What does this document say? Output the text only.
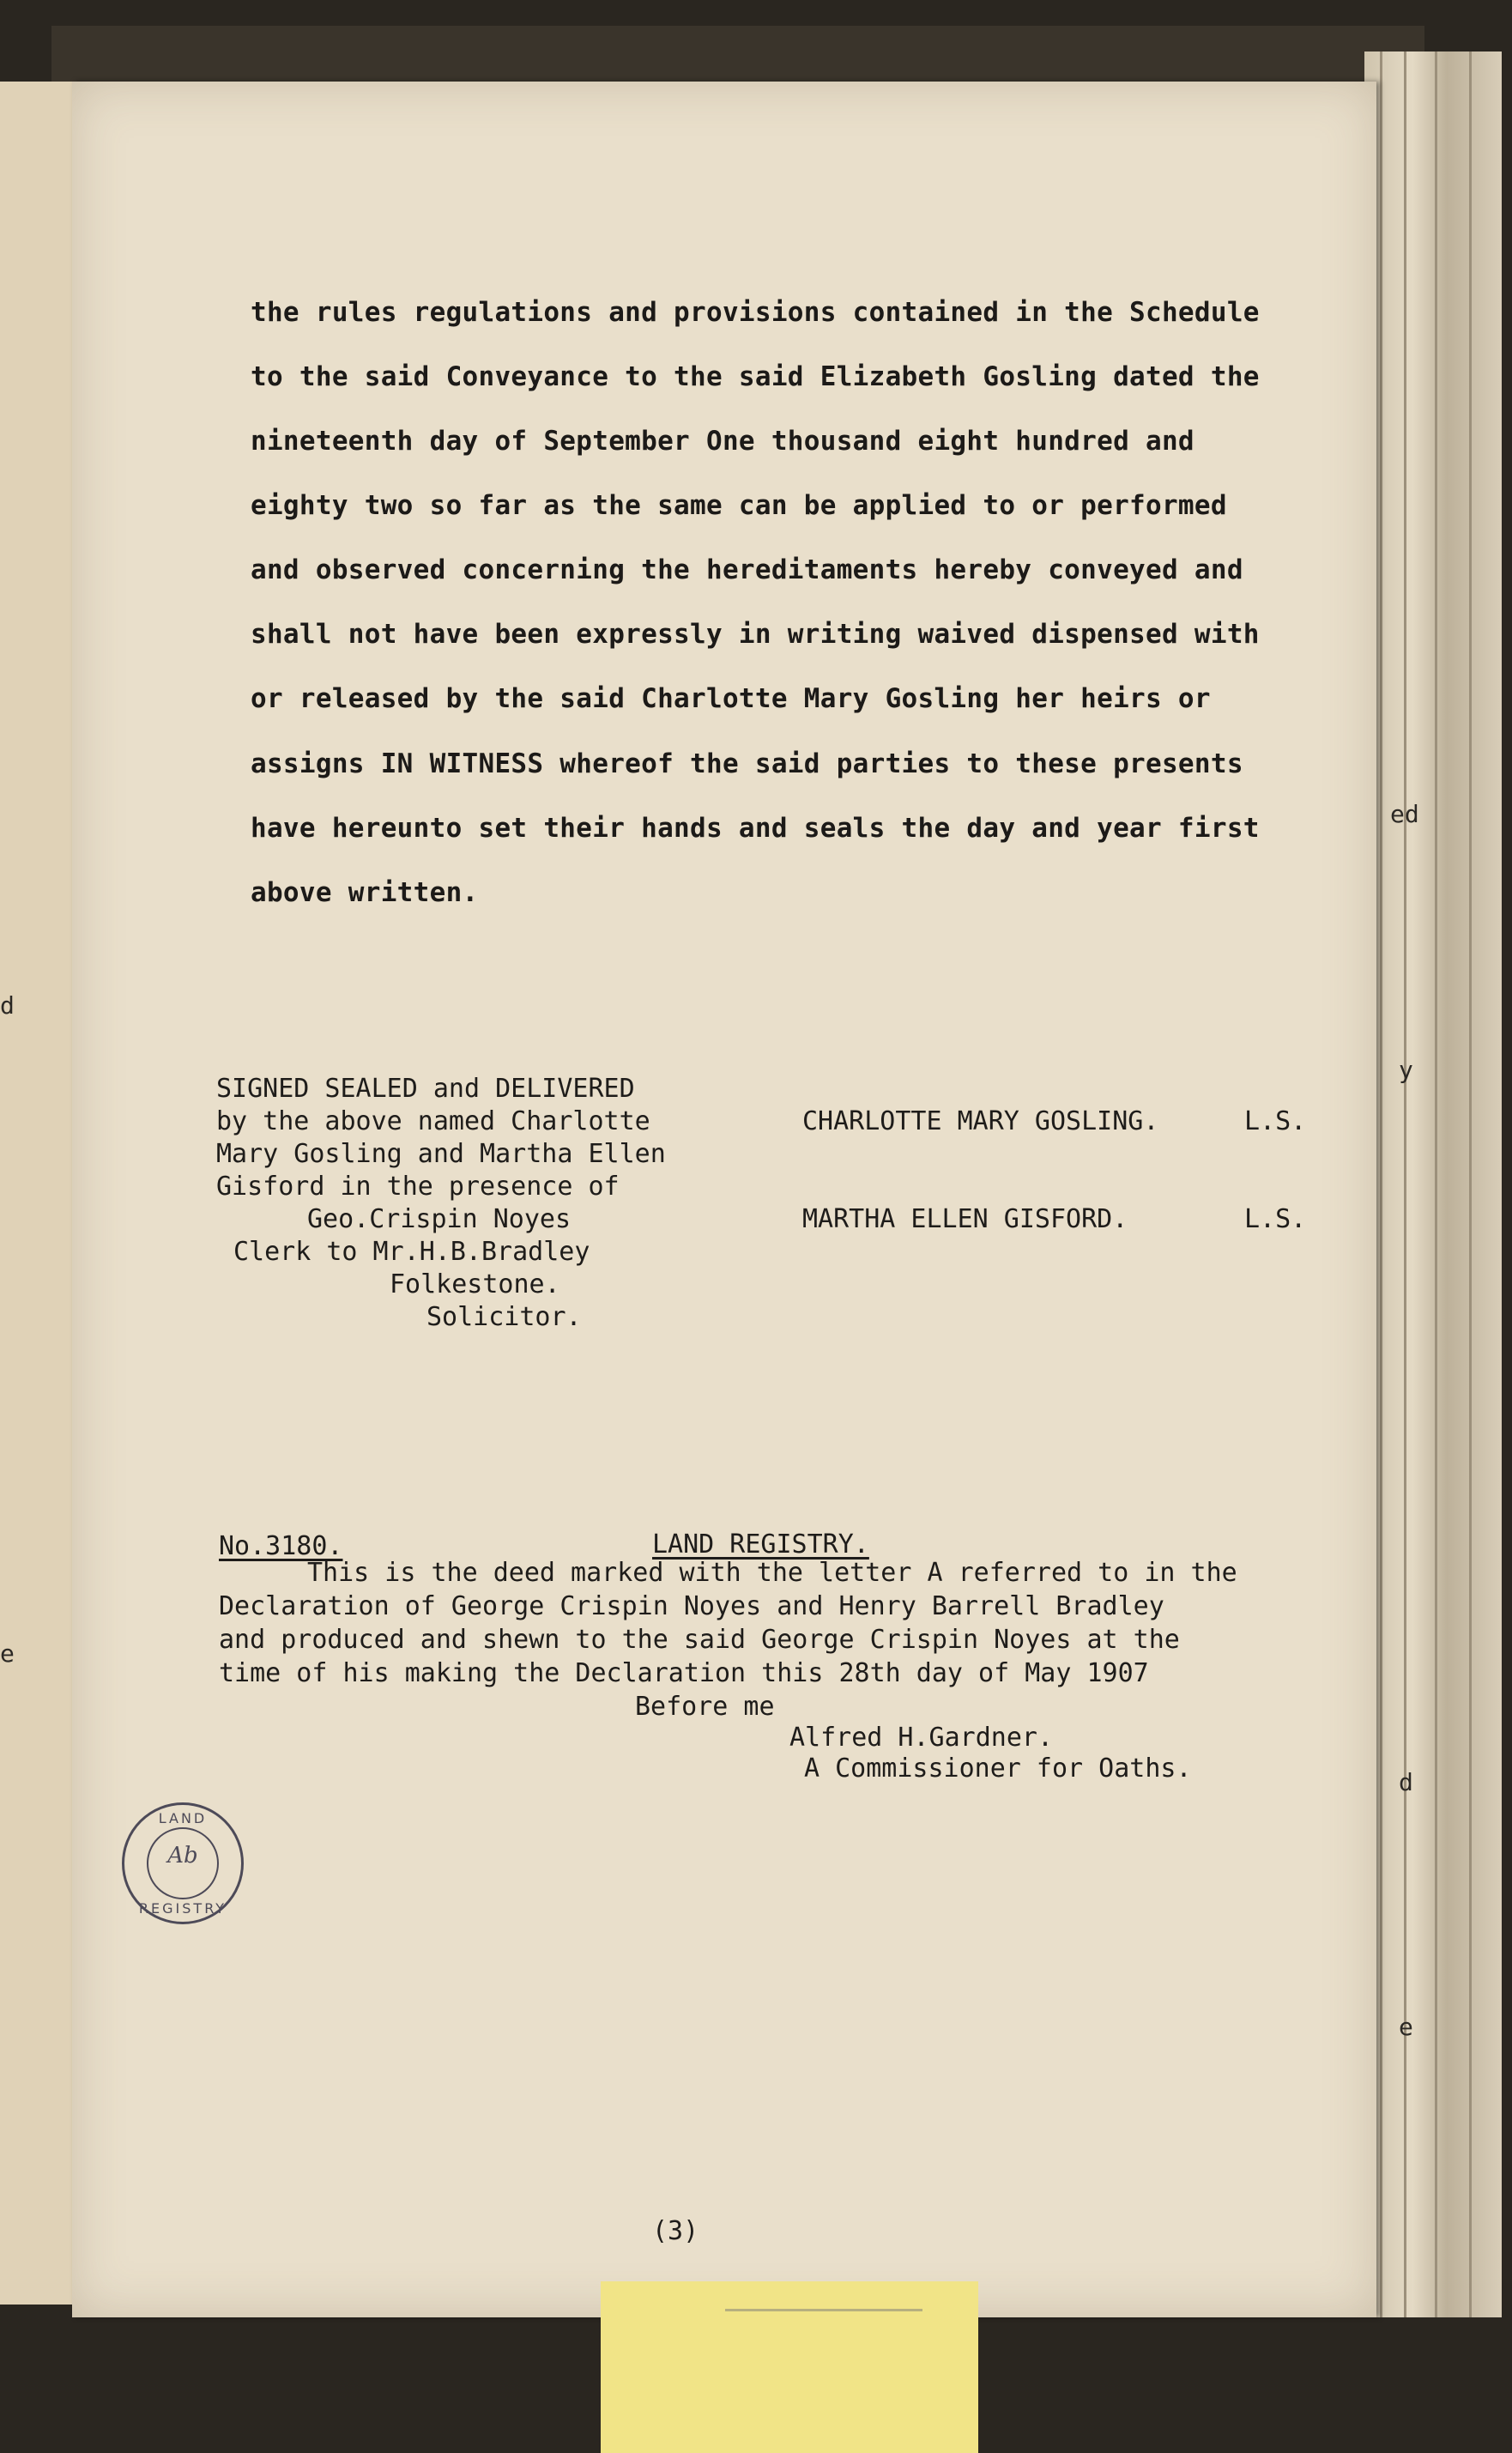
d

e

ed

y

d

e

the rules regulations and provisions contained in the Schedule

to the said Conveyance to the said Elizabeth Gosling dated the

nineteenth day of September One thousand eight hundred and

eighty two so far as the same can be applied to or performed

and observed concerning the hereditaments hereby conveyed and

shall not have been expressly in writing waived dispensed with

or released by the said Charlotte Mary Gosling her heirs or

assigns IN WITNESS whereof the said parties to these presents

have hereunto set their hands and seals the day and year first

above written.

SIGNED SEALED and DELIVERED

by the above named Charlotte

Mary Gosling and Martha Ellen

Gisford in the presence of

Geo.Crispin Noyes

Clerk to Mr.H.B.Bradley

Folkestone.

Solicitor.

CHARLOTTE MARY GOSLING.	L.S.

MARTHA ELLEN GISFORD.	L.S.

No.3180.	LAND REGISTRY.

This is the deed marked with the letter A referred to in the

Declaration of George Crispin Noyes and Henry Barrell Bradley

and produced and shewn to the said George Crispin Noyes at the

time of his making the Declaration this 28th day of May 1907

Before me

Alfred H.Gardner.

A Commissioner for Oaths.

LAND
Ab
REGISTRY

(3)
